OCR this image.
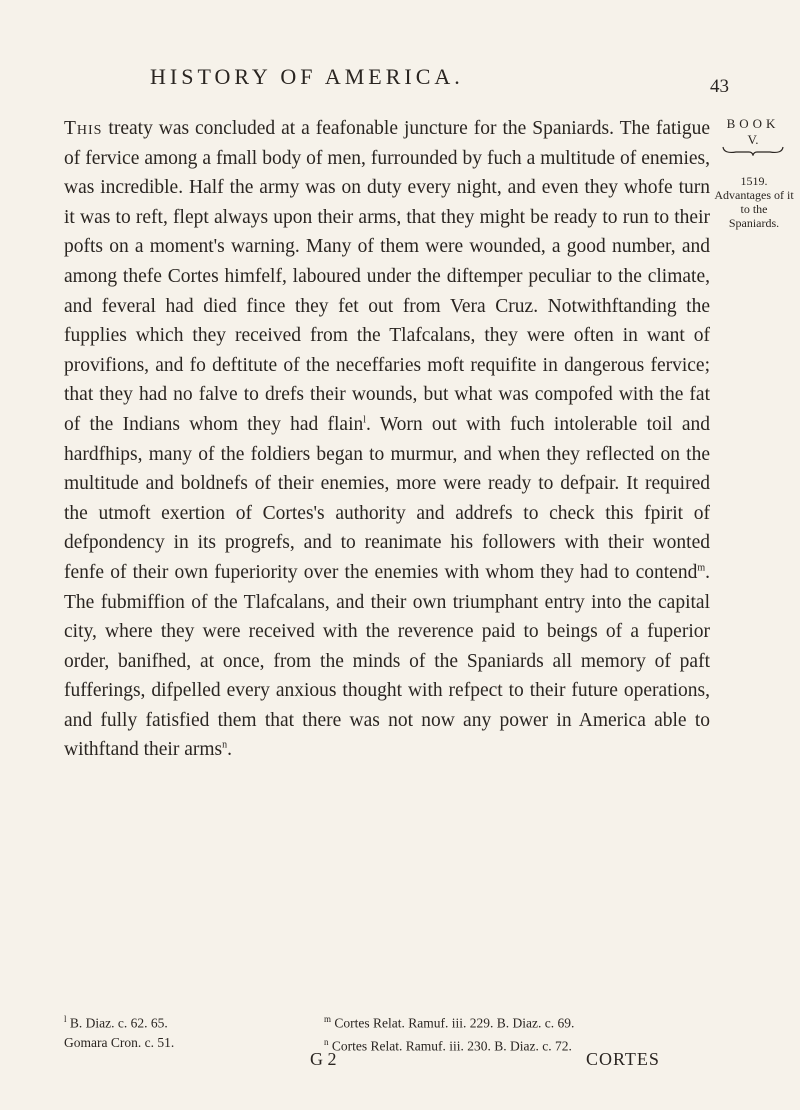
HISTORY OF AMERICA.	43
BOOK
V.
1519.
Advantages of it to the Spaniards.

This treaty was concluded at a feafonable juncture for the Spaniards. The fatigue of fervice among a fmall body of men, furrounded by fuch a multitude of enemies, was incredible. Half the army was on duty every night, and even they whofe turn it was to reft, flept always upon their arms, that they might be ready to run to their pofts on a moment's warning. Many of them were wounded, a good number, and among thefe Cortes himfelf, laboured under the diftemper peculiar to the climate, and feveral had died fince they fet out from Vera Cruz. Notwithftanding the fupplies which they received from the Tlafcalans, they were often in want of provifions, and fo deftitute of the neceffaries moft requifite in dangerous fervice; that they had no falve to drefs their wounds, but what was compofed with the fat of the Indians whom they had flain$^l$. Worn out with fuch intolerable toil and hardfhips, many of the foldiers began to murmur, and when they reflected on the multitude and boldnefs of their enemies, more were ready to defpair. It required the utmoft exertion of Cortes's authority and addrefs to check this fpirit of defpondency in its progrefs, and to reanimate his followers with their wonted fenfe of their own fuperiority over the enemies with whom they had to contend$^m$. The fubmiffion of the Tlafcalans, and their own triumphant entry into the capital city, where they were received with the reverence paid to beings of a fuperior order, banifhed, at once, from the minds of the Spaniards all memory of paft fufferings, difpelled every anxious thought with refpect to their future operations, and fully fatisfied them that there was not now any power in America able to withftand their arms$^n$.

$^l$ B. Diaz. c. 62. 65.	$^m$ Cortes Relat. Ramuf. iii. 229. B. Diaz. c. 69.
Gomara Cron. c. 51.	$^n$ Cortes Relat. Ramuf. iii. 230. B. Diaz. c. 72.
G 2	CORTES
